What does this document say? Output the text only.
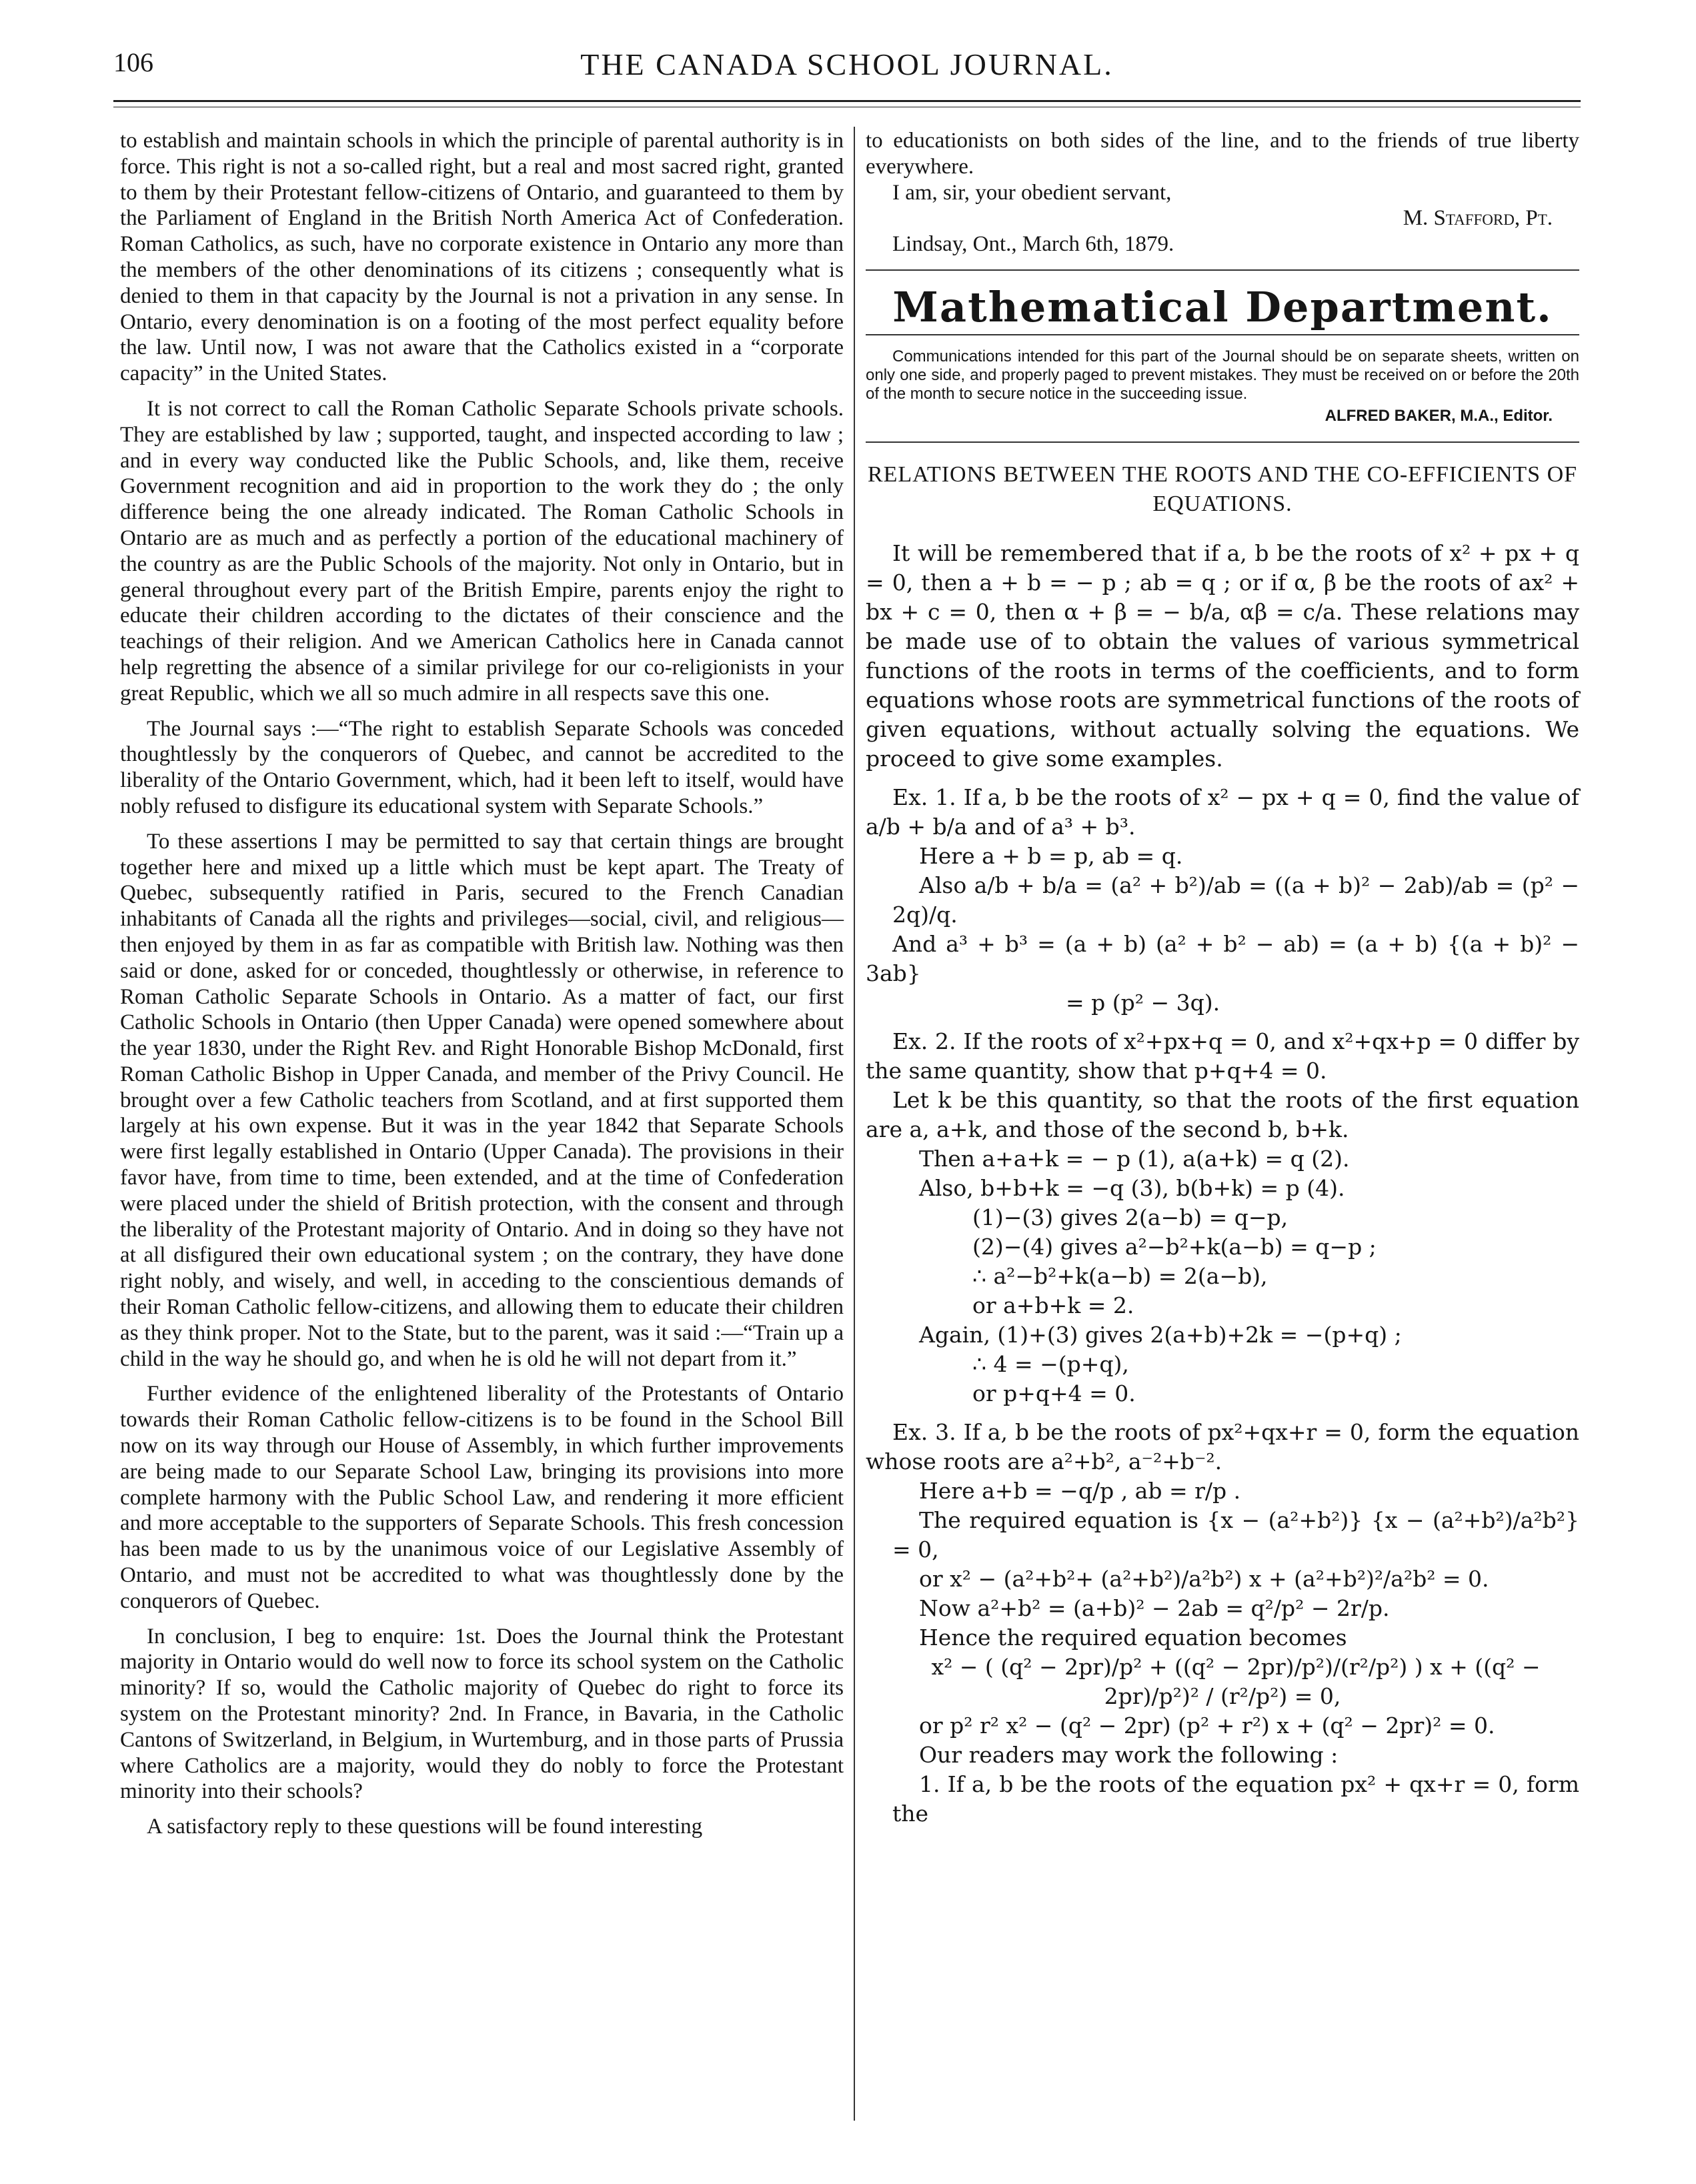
106	THE CANADA SCHOOL JOURNAL.

to establish and maintain schools in which the principle of parental authority is in force. This right is not a so-called right, but a real and most sacred right, granted to them by their Protestant fellow-citizens of Ontario, and guaranteed to them by the Parliament of England in the British North America Act of Confederation. Roman Catholics, as such, have no corporate existence in Ontario any more than the members of the other denominations of its citizens ; consequently what is denied to them in that capacity by the Journal is not a privation in any sense. In Ontario, every denomination is on a footing of the most perfect equality before the law. Until now, I was not aware that the Catholics existed in a “corporate capacity” in the United States.

It is not correct to call the Roman Catholic Separate Schools private schools. They are established by law ; supported, taught, and inspected according to law ; and in every way conducted like the Public Schools, and, like them, receive Government recognition and aid in proportion to the work they do ; the only difference being the one already indicated. The Roman Catholic Schools in Ontario are as much and as perfectly a portion of the educational machinery of the country as are the Public Schools of the majority. Not only in Ontario, but in general throughout every part of the British Empire, parents enjoy the right to educate their children according to the dictates of their conscience and the teachings of their religion. And we American Catholics here in Canada cannot help regretting the absence of a similar privilege for our co-religionists in your great Republic, which we all so much admire in all respects save this one.

The Journal says :—“The right to establish Separate Schools was conceded thoughtlessly by the conquerors of Quebec, and cannot be accredited to the liberality of the Ontario Government, which, had it been left to itself, would have nobly refused to disfigure its educational system with Separate Schools.”

To these assertions I may be permitted to say that certain things are brought together here and mixed up a little which must be kept apart. The Treaty of Quebec, subsequently ratified in Paris, secured to the French Canadian inhabitants of Canada all the rights and privileges—social, civil, and religious—then enjoyed by them in as far as compatible with British law. Nothing was then said or done, asked for or conceded, thoughtlessly or otherwise, in reference to Roman Catholic Separate Schools in Ontario. As a matter of fact, our first Catholic Schools in Ontario (then Upper Canada) were opened somewhere about the year 1830, under the Right Rev. and Right Honorable Bishop McDonald, first Roman Catholic Bishop in Upper Canada, and member of the Privy Council. He brought over a few Catholic teachers from Scotland, and at first supported them largely at his own expense. But it was in the year 1842 that Separate Schools were first legally established in Ontario (Upper Canada). The provisions in their favor have, from time to time, been extended, and at the time of Confederation were placed under the shield of British protection, with the consent and through the liberality of the Protestant majority of Ontario. And in doing so they have not at all disfigured their own educational system ; on the contrary, they have done right nobly, and wisely, and well, in acceding to the conscientious demands of their Roman Catholic fellow-citizens, and allowing them to educate their children as they think proper. Not to the State, but to the parent, was it said :—“Train up a child in the way he should go, and when he is old he will not depart from it.”

Further evidence of the enlightened liberality of the Protestants of Ontario towards their Roman Catholic fellow-citizens is to be found in the School Bill now on its way through our House of Assembly, in which further improvements are being made to our Separate School Law, bringing its provisions into more complete harmony with the Public School Law, and rendering it more efficient and more acceptable to the supporters of Separate Schools. This fresh concession has been made to us by the unanimous voice of our Legislative Assembly of Ontario, and must not be accredited to what was thoughtlessly done by the conquerors of Quebec.

In conclusion, I beg to enquire: 1st. Does the Journal think the Protestant majority in Ontario would do well now to force its school system on the Catholic minority? If so, would the Catholic majority of Quebec do right to force its system on the Protestant minority? 2nd. In France, in Bavaria, in the Catholic Cantons of Switzerland, in Belgium, in Wurtemburg, and in those parts of Prussia where Catholics are a majority, would they do nobly to force the Protestant minority into their schools?

A satisfactory reply to these questions will be found interesting

to educationists on both sides of the line, and to the friends of true liberty everywhere.

I am, sir, your obedient servant,

M. Stafford, Pt.

Lindsay, Ont., March 6th, 1879.

Mathematical Department.

Communications intended for this part of the Journal should be on separate sheets, written on only one side, and properly paged to prevent mistakes. They must be received on or before the 20th of the month to secure notice in the succeeding issue.

ALFRED BAKER, M.A., Editor.

RELATIONS BETWEEN THE ROOTS AND THE CO-EFFICIENTS OF EQUATIONS.

It will be remembered that if a, b be the roots of x² + px + q = 0, then a + b = − p ; ab = q ; or if α, β be the roots of ax² + bx + c = 0, then α + β = − b/a, αβ = c/a. These relations may be made use of to obtain the values of various symmetrical functions of the roots in terms of the coefficients, and to form equations whose roots are symmetrical functions of the roots of given equations, without actually solving the equations. We proceed to give some examples.

Ex. 1. If a, b be the roots of x² − px + q = 0, find the value of a/b + b/a and of a³ + b³.

Here a + b = p, ab = q.

Also a/b + b/a = (a² + b²)/ab = ((a + b)² − 2ab)/ab = (p² − 2q)/q.

And a³ + b³ = (a + b) (a² + b² − ab) = (a + b) {(a + b)² − 3ab}

= p (p² − 3q).

Ex. 2. If the roots of x²+px+q = 0, and x²+qx+p = 0 differ by the same quantity, show that p+q+4 = 0.

Let k be this quantity, so that the roots of the first equation are a, a+k, and those of the second b, b+k.

Then a+a+k = − p (1), a(a+k) = q (2).

Also, b+b+k = −q (3), b(b+k) = p (4).

(1)−(3) gives 2(a−b) = q−p,

(2)−(4) gives a²−b²+k(a−b) = q−p ;

∴ a²−b²+k(a−b) = 2(a−b),

or a+b+k = 2.

Again, (1)+(3) gives 2(a+b)+2k = −(p+q) ;

∴ 4 = −(p+q),

or p+q+4 = 0.

Ex. 3. If a, b be the roots of px²+qx+r = 0, form the equation whose roots are a²+b², a⁻²+b⁻².

Here a+b = −q/p , ab = r/p .

The required equation is {x − (a²+b²)} {x − (a²+b²)/a²b²} = 0,

or x² − (a²+b²+ (a²+b²)/a²b²) x + (a²+b²)²/a²b² = 0.

Now a²+b² = (a+b)² − 2ab = q²/p² − 2r/p.

Hence the required equation becomes

x² − ( (q² − 2pr)/p² + ((q² − 2pr)/p²)/(r²/p²) ) x + ((q² − 2pr)/p²)² / (r²/p²) = 0,

or p² r² x² − (q² − 2pr) (p² + r²) x + (q² − 2pr)² = 0.

Our readers may work the following :

1. If a, b be the roots of the equation px² + qx+r = 0, form the
